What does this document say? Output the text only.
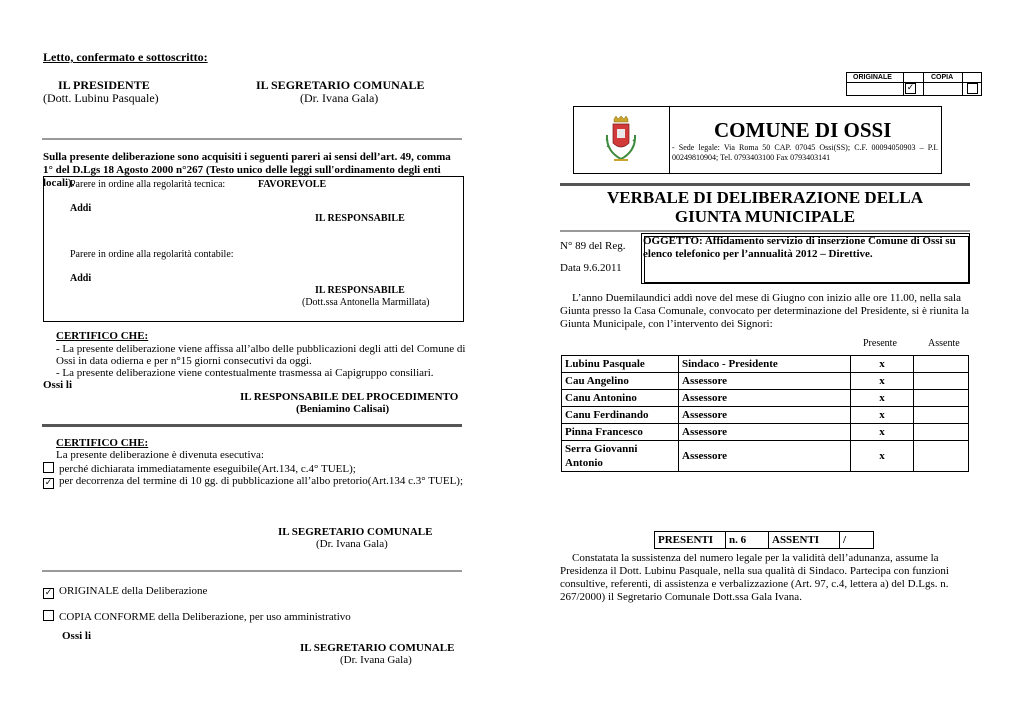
Letto, confermato e sottoscritto:
IL PRESIDENTE
(Dott. Lubinu Pasquale)
IL SEGRETARIO COMUNALE
(Dr. Ivana Gala)
Sulla presente deliberazione sono acquisiti i seguenti pareri ai sensi dell’art. 49, comma 1° del D.Lgs 18 Agosto 2000 n°267 (Testo unico delle leggi sull'ordinamento degli enti locali).
Parere in ordine alla regolarità tecnica:	FAVOREVOLE
Addi
IL RESPONSABILE
Parere in ordine alla regolarità contabile:
Addi
IL RESPONSABILE
(Dott.ssa Antonella Marmillata)
CERTIFICO CHE:
- La presente deliberazione viene affissa all’albo delle pubblicazioni degli atti del Comune di
Ossi in data odierna e per n°15 giorni consecutivi da oggi.
- La presente deliberazione viene contestualmente trasmessa ai Capigruppo consiliari.
Ossi li
IL RESPONSABILE DEL PROCEDIMENTO
(Beniamino Calisai)
CERTIFICO CHE:
La presente deliberazione è divenuta esecutiva:
perché dichiarata immediatamente eseguibile(Art.134, c.4° TUEL);
✓ per decorrenza del termine di 10 gg. di pubblicazione all’albo pretorio(Art.134 c.3° TUEL);
IL SEGRETARIO COMUNALE
(Dr. Ivana Gala)
✓ ORIGINALE della Deliberazione
COPIA CONFORME della Deliberazione, per uso amministrativo
Ossi li
IL SEGRETARIO COMUNALE
(Dr. Ivana Gala)
ORIGINALE	COPIA
✓
COMUNE DI OSSI
- Sede legale: Via Roma 50 CAP. 07045 Ossi(SS); C.F. 00094050903 – P.I. 00249810904; Tel. 0793403100 Fax 0793403141
VERBALE DI DELIBERAZIONE DELLA
GIUNTA MUNICIPALE
N° 89 del Reg.
Data 9.6.2011
OGGETTO: Affidamento servizio di inserzione Comune di Ossi su elenco telefonico per l’annualità 2012 – Direttive.
L’anno Duemilaundici addì nove del mese di Giugno con inizio alle ore 11.00, nella sala Giunta presso la Casa Comunale, convocato per determinazione del Presidente, si è riunita la Giunta Municipale, con l’intervento dei Signori:
Presente	Assente
Lubinu Pasquale	Sindaco - Presidente	x	
Cau Angelino	Assessore	x	
Canu Antonino	Assessore	x	
Canu Ferdinando	Assessore	x	
Pinna Francesco	Assessore	x	
Serra Giovanni Antonio	Assessore	x	
PRESENTI	n. 6	ASSENTI	/
Constatata la sussistenza del numero legale per la validità dell’adunanza, assume la Presidenza il Dott. Lubinu Pasquale, nella sua qualità di Sindaco. Partecipa con funzioni consultive, referenti, di assistenza e verbalizzazione (Art. 97, c.4, lettera a) del D.Lgs. n. 267/2000) il Segretario Comunale Dott.ssa Gala Ivana.
